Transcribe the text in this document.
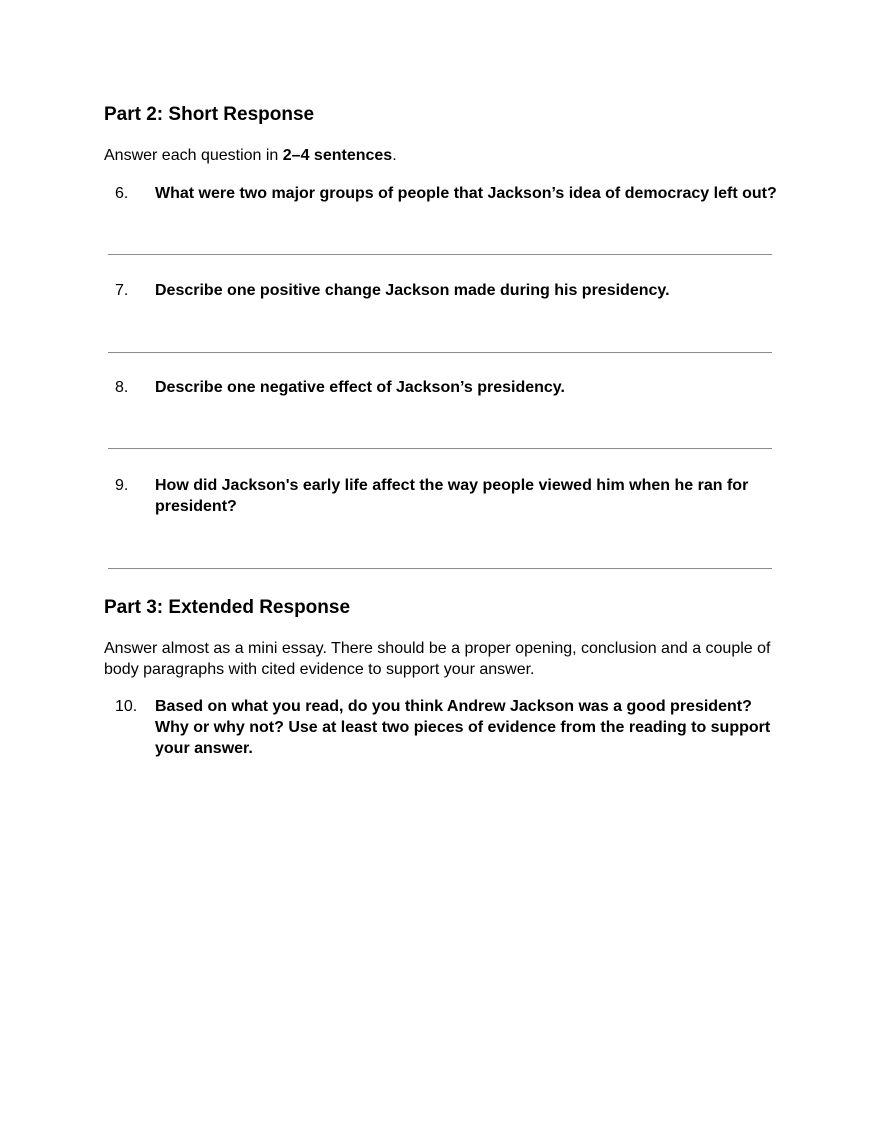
Part 2: Short Response

Answer each question in 2–4 sentences.

6.	What were two major groups of people that Jackson’s idea of democracy left out?
7.	Describe one positive change Jackson made during his presidency.
8.	Describe one negative effect of Jackson’s presidency.
9.	How did Jackson's early life affect the way people viewed him when he ran for president?
Part 3: Extended Response

Answer almost as a mini essay. There should be a proper opening, conclusion and a couple of body paragraphs with cited evidence to support your answer.

10.	Based on what you read, do you think Andrew Jackson was a good president? Why or why not? Use at least two pieces of evidence from the reading to support your answer.
